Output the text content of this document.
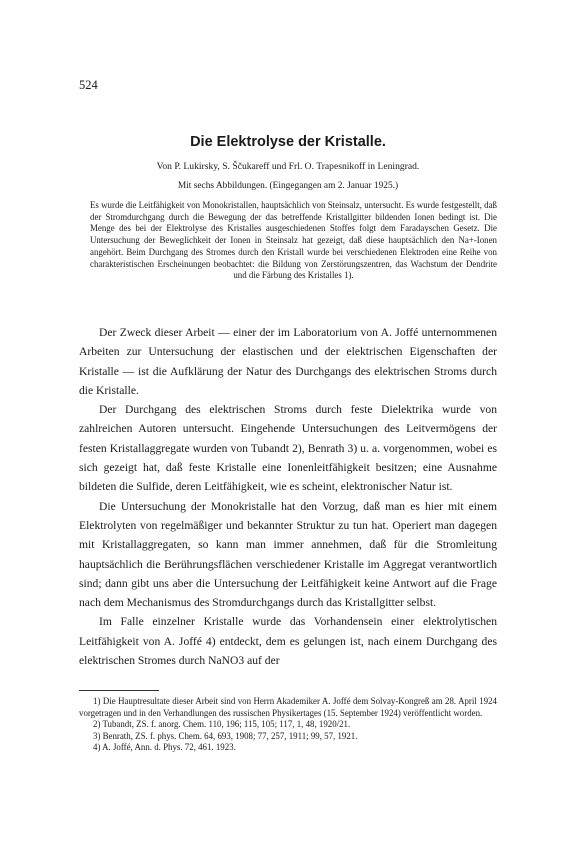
524
Die Elektrolyse der Kristalle.
Von P. Lukirsky, S. Ščukareff und Frl. O. Trapesnikoff in Leningrad.
Mit sechs Abbildungen. (Eingegangen am 2. Januar 1925.)

Es wurde die Leitfähigkeit von Monokristallen, hauptsächlich von Steinsalz, untersucht. Es wurde festgestellt, daß der Stromdurchgang durch die Bewegung der das betreffende Kristallgitter bildenden Ionen bedingt ist. Die Menge des bei der Elektrolyse des Kristalles ausgeschiedenen Stoffes folgt dem Faradayschen Gesetz. Die Untersuchung der Beweglichkeit der Ionen in Steinsalz hat gezeigt, daß diese hauptsächlich den Na+-Ionen angehört. Beim Durchgang des Stromes durch den Kristall wurde bei verschiedenen Elektroden eine Reihe von charakteristischen Erscheinungen beobachtet: die Bildung von Zerstörungszentren, das Wachstum der Dendrite und die Färbung des Kristalles 1).

Der Zweck dieser Arbeit — einer der im Laboratorium von A. Joffé unternommenen Arbeiten zur Untersuchung der elastischen und der elektrischen Eigenschaften der Kristalle — ist die Aufklärung der Natur des Durchgangs des elektrischen Stroms durch die Kristalle.

Der Durchgang des elektrischen Stroms durch feste Dielektrika wurde von zahlreichen Autoren untersucht. Eingehende Untersuchungen des Leitvermögens der festen Kristallaggregate wurden von Tubandt 2), Benrath 3) u. a. vorgenommen, wobei es sich gezeigt hat, daß feste Kristalle eine Ionenleitfähigkeit besitzen; eine Ausnahme bildeten die Sulfide, deren Leitfähigkeit, wie es scheint, elektronischer Natur ist.

Die Untersuchung der Monokristalle hat den Vorzug, daß man es hier mit einem Elektrolyten von regelmäßiger und bekannter Struktur zu tun hat. Operiert man dagegen mit Kristallaggregaten, so kann man immer annehmen, daß für die Stromleitung hauptsächlich die Berührungsflächen verschiedener Kristalle im Aggregat verantwortlich sind; dann gibt uns aber die Untersuchung der Leitfähigkeit keine Antwort auf die Frage nach dem Mechanismus des Stromdurchgangs durch das Kristallgitter selbst.

Im Falle einzelner Kristalle wurde das Vorhandensein einer elektrolytischen Leitfähigkeit von A. Joffé 4) entdeckt, dem es gelungen ist, nach einem Durchgang des elektrischen Stromes durch NaNO3 auf der

1) Die Hauptresultate dieser Arbeit sind von Herrn Akademiker A. Joffé dem Solvay-Kongreß am 28. April 1924 vorgetragen und in den Verhandlungen des russischen Physikertages (15. September 1924) veröffentlicht worden.

2) Tubandt, ZS. f. anorg. Chem. 110, 196; 115, 105; 117, 1, 48, 1920/21.

3) Benrath, ZS. f. phys. Chem. 64, 693, 1908; 77, 257, 1911; 99, 57, 1921.

4) A. Joffé, Ann. d. Phys. 72, 461. 1923.
